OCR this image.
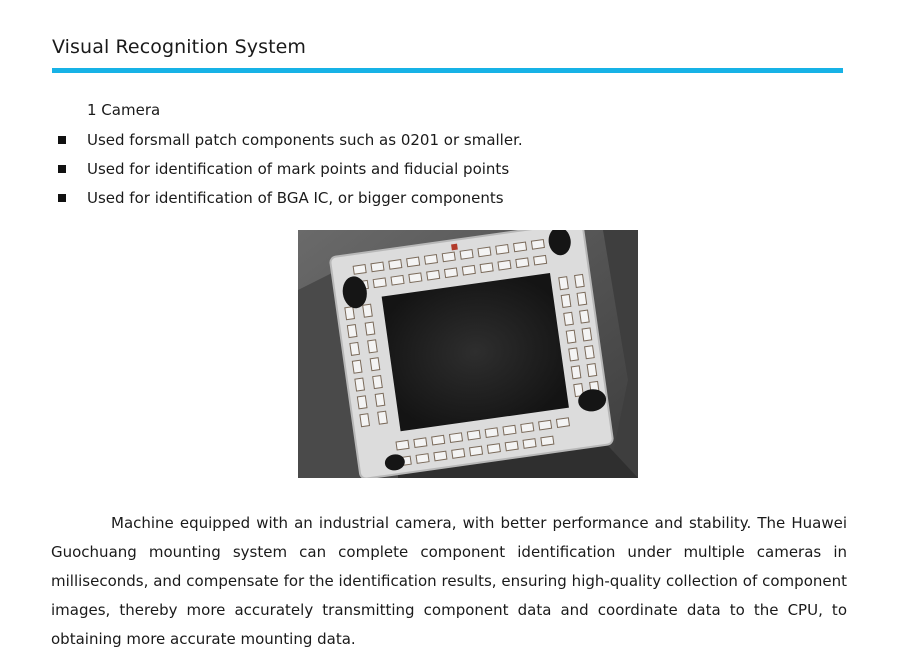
Visual Recognition System
1 Camera
Used forsmall patch components such as 0201 or smaller.
Used for identification of mark points and fiducial points
Used for identification of BGA IC, or bigger components

Machine equipped with an industrial camera, with better performance and stability. The Huawei Guochuang mounting system can complete component identification under multiple cameras in milliseconds, and compensate for the identification results, ensuring high-quality collection of component images, thereby more accurately transmitting component data and coordinate data to the CPU, to obtaining more accurate mounting data.
